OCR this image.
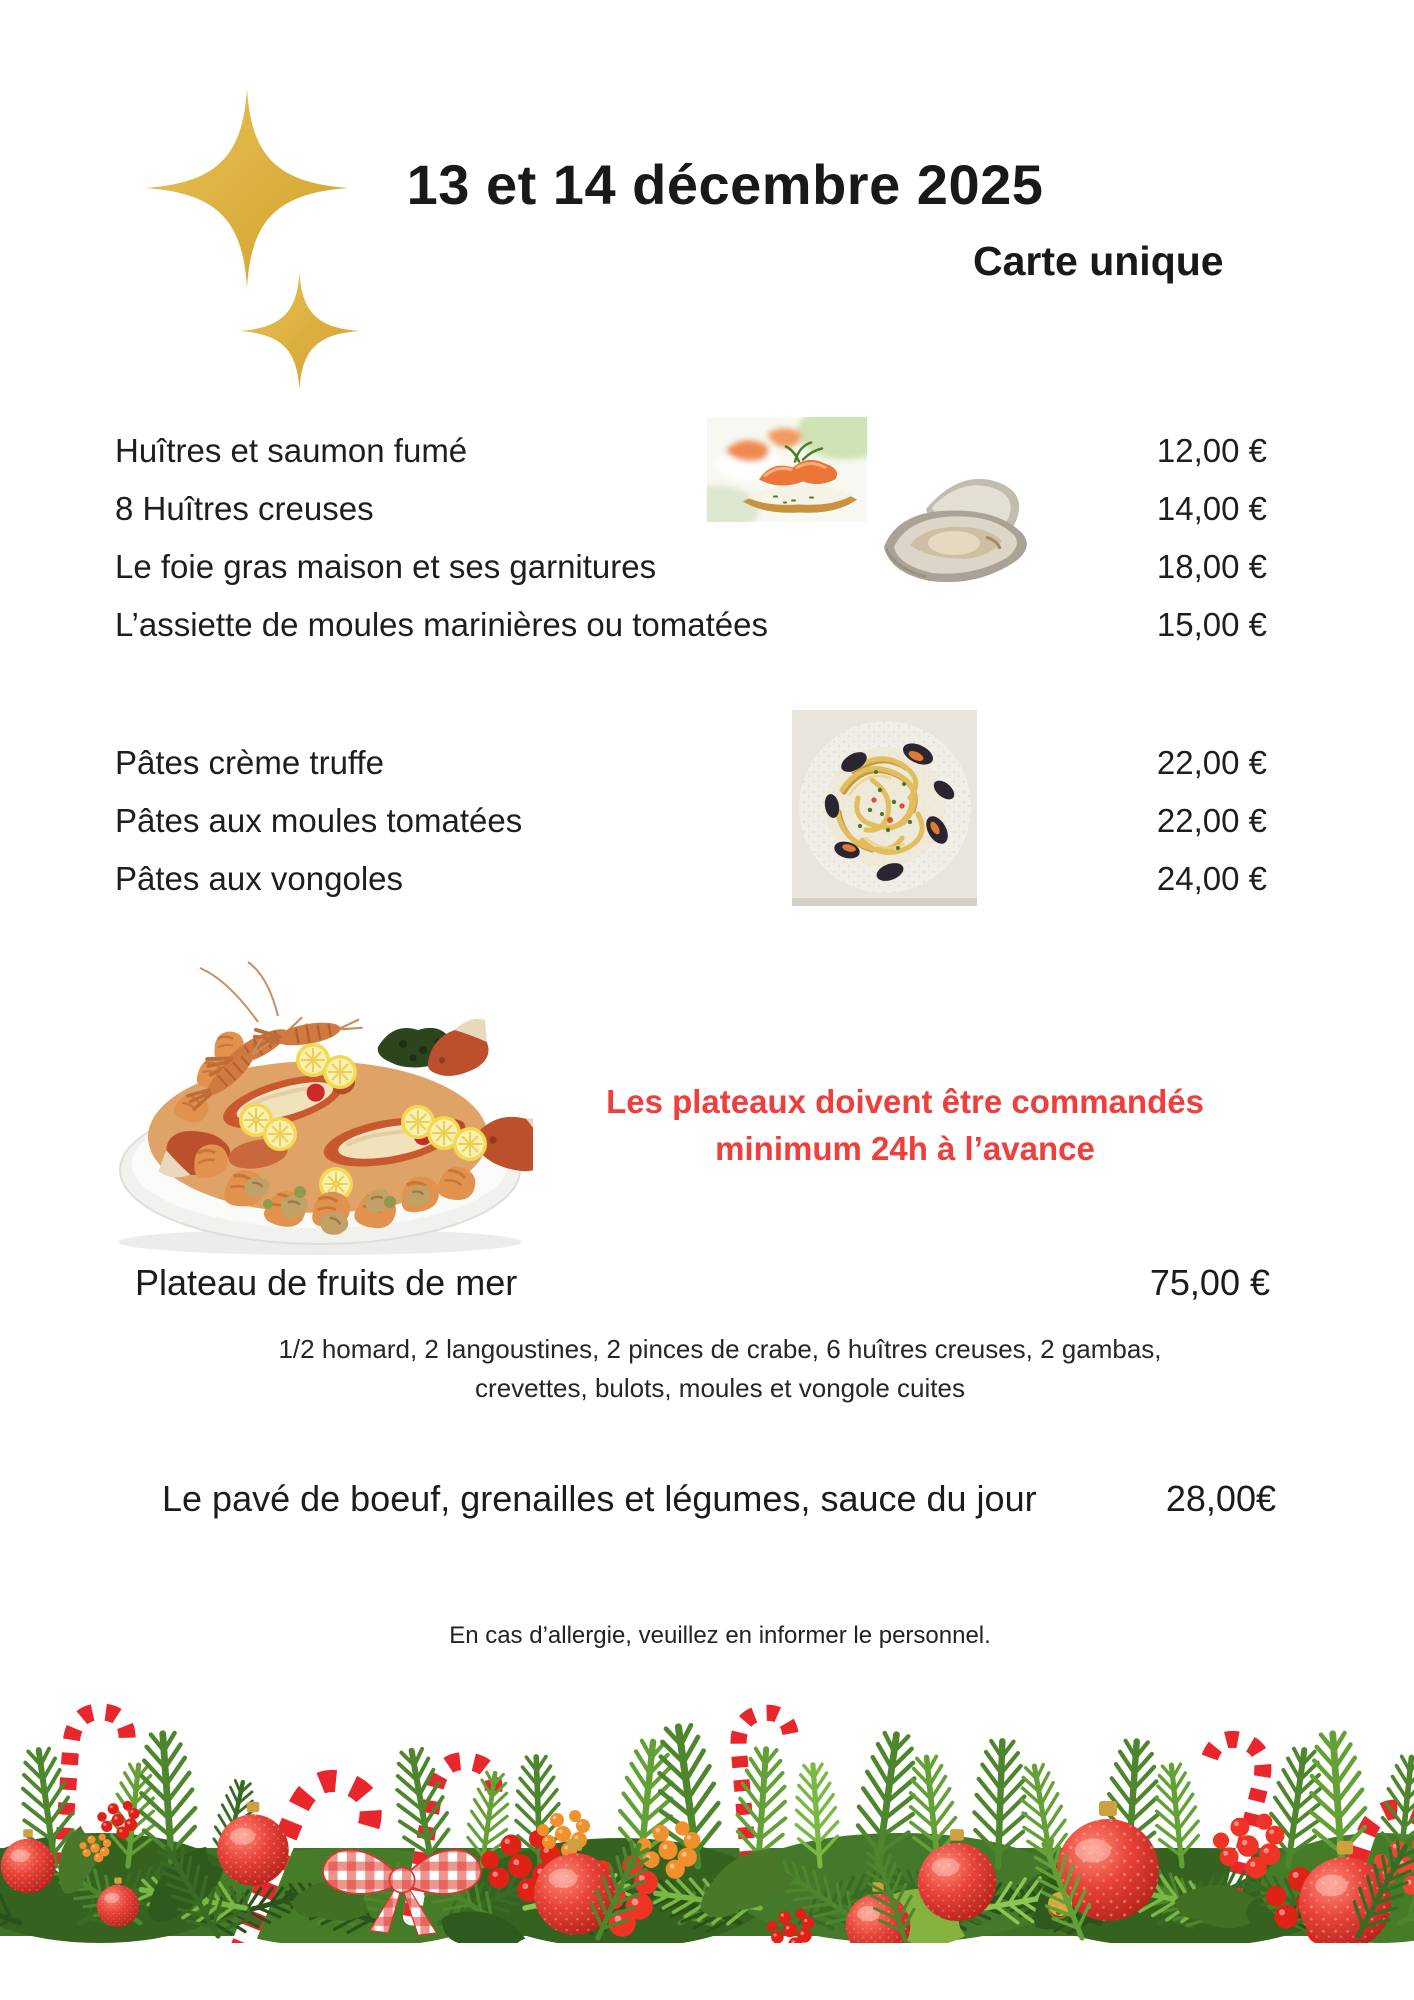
13 et 14 décembre 2025
Carte unique
Huîtres et saumon fumé	12,00 €
8 Huîtres creuses	14,00 €
Le foie gras maison et ses garnitures	18,00 €
L’assiette de moules marinières ou tomatées	15,00 €
Pâtes crème truffe	22,00 €
Pâtes aux moules tomatées	22,00 €
Pâtes aux vongoles	24,00 €
Les plateaux doivent être commandés
minimum 24h à l’avance
Plateau de fruits de mer	75,00 €
1/2 homard, 2 langoustines, 2 pinces de crabe, 6 huîtres creuses, 2 gambas,
crevettes, bulots, moules et vongole cuites
Le pavé de boeuf, grenailles et légumes, sauce du jour	28,00€
En cas d’allergie, veuillez en informer le personnel.
